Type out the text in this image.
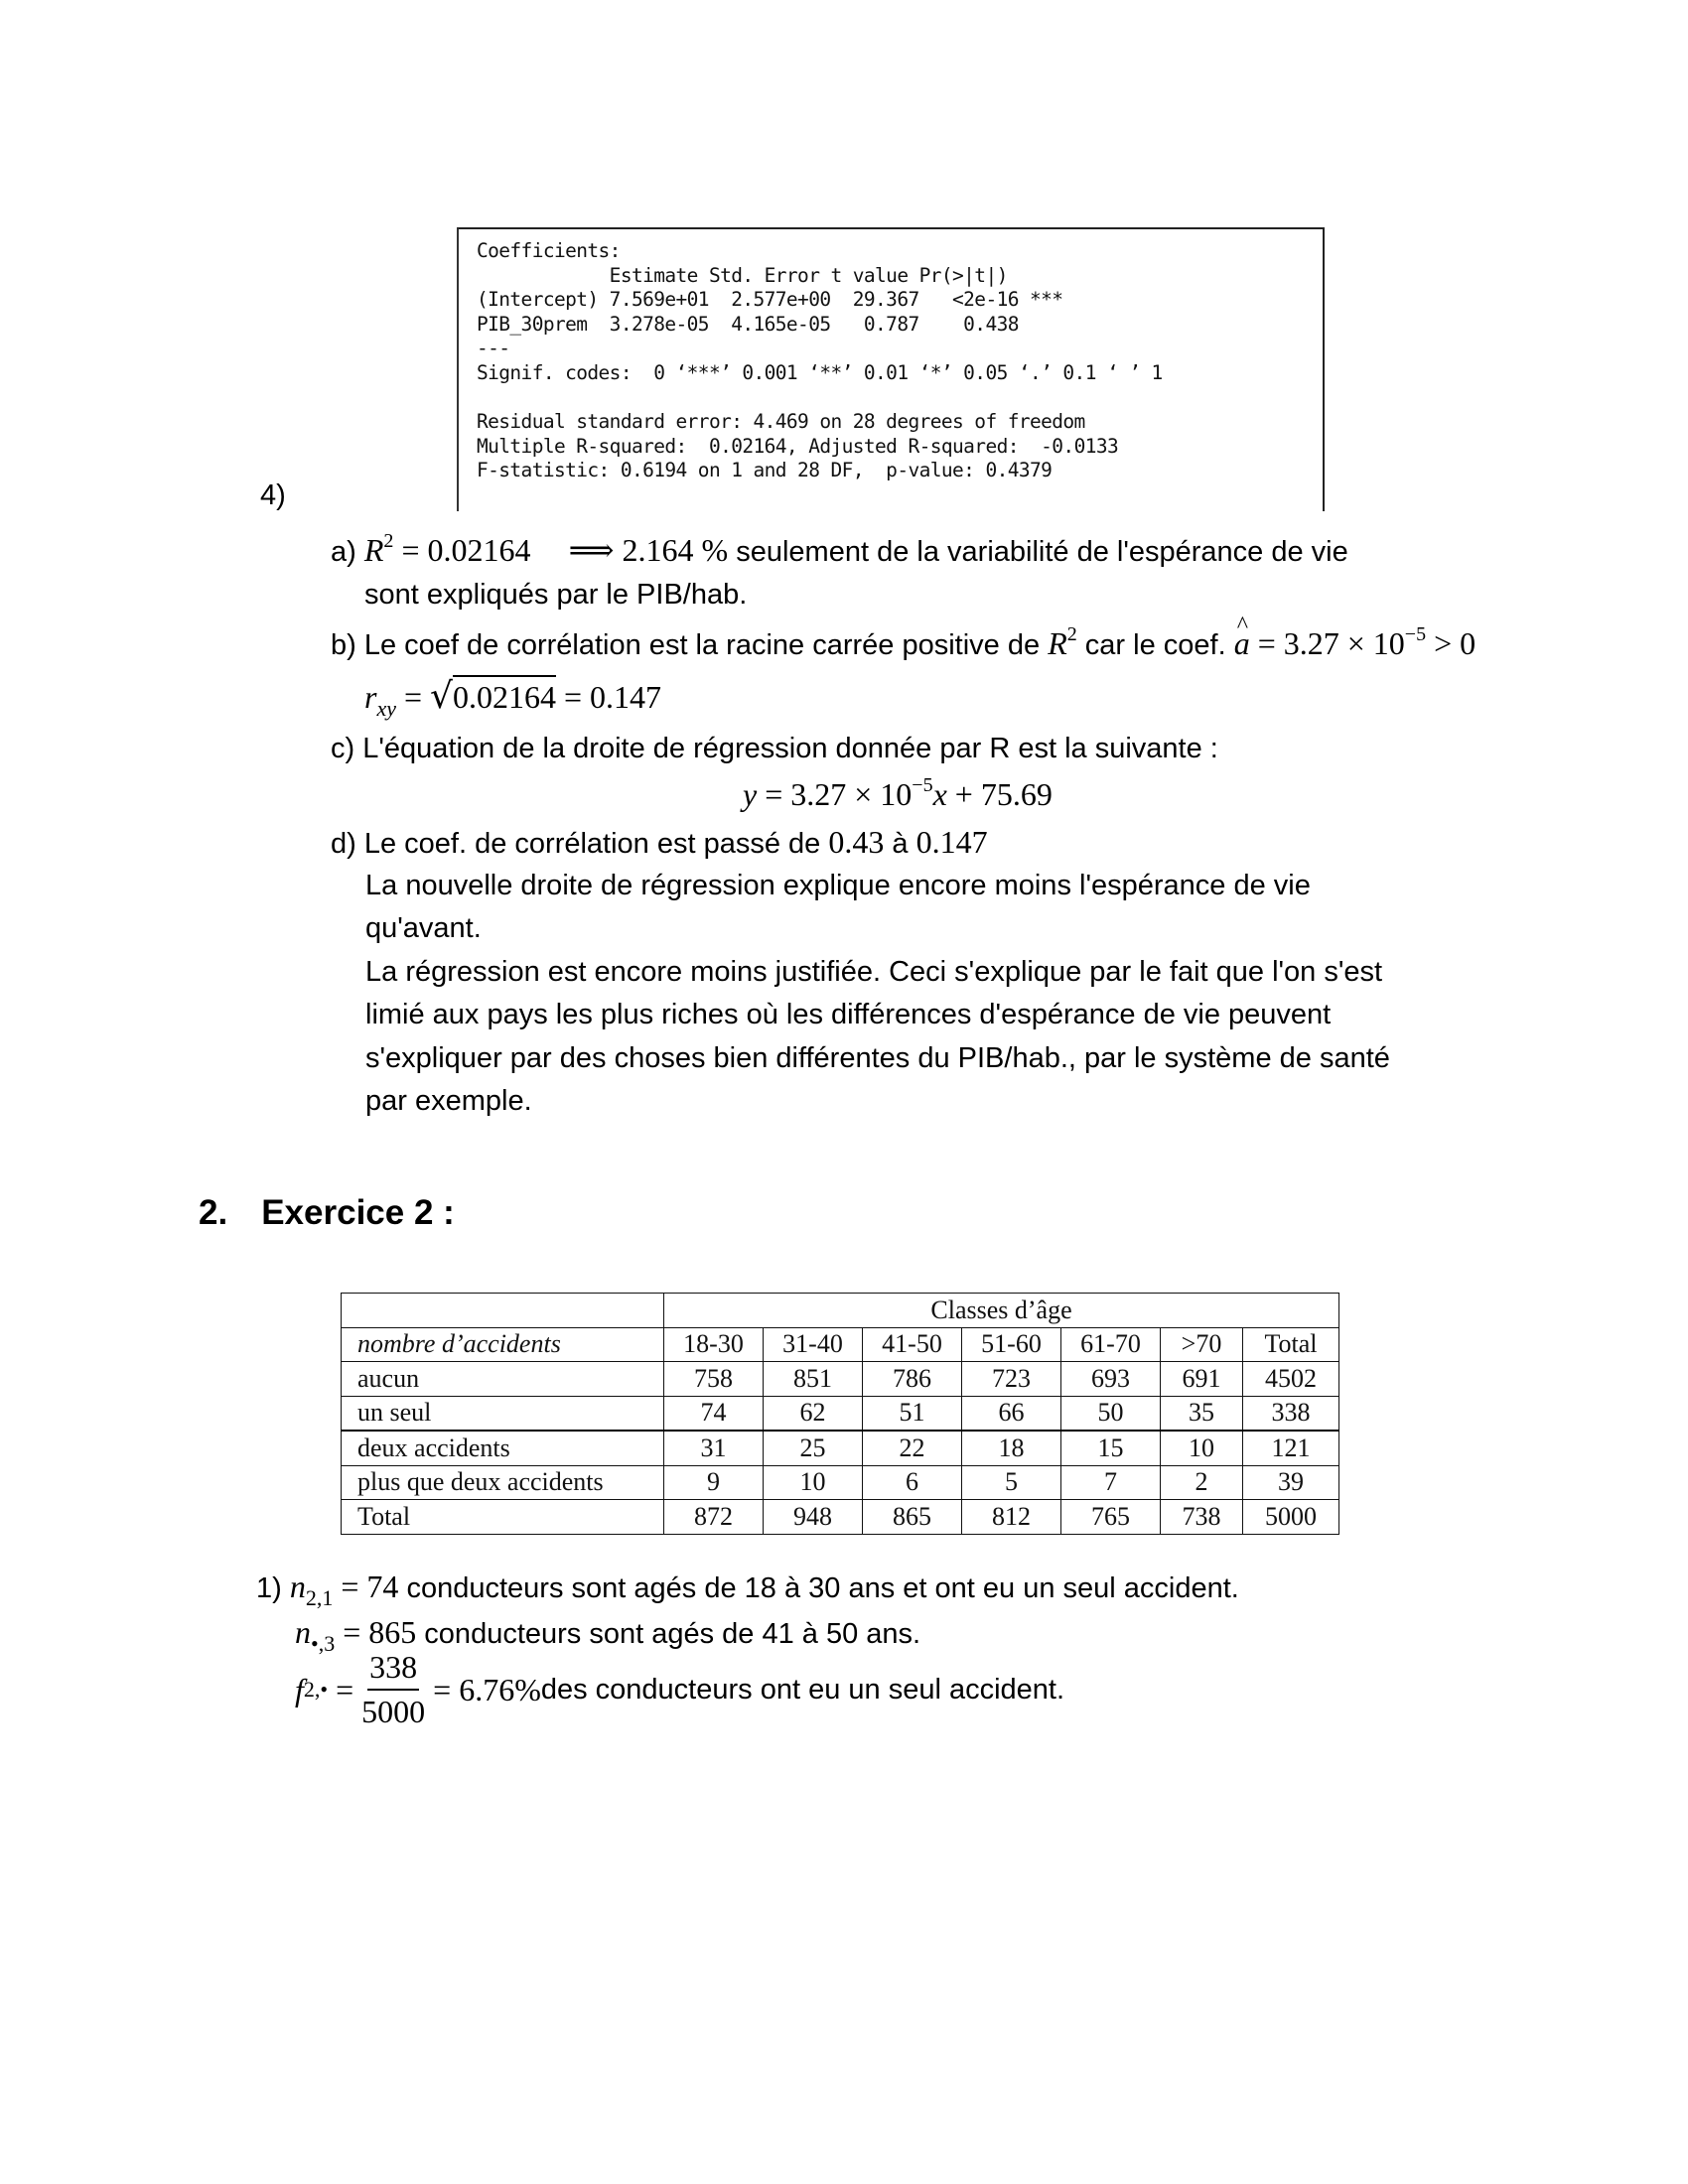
Coefficients:
Estimate Std. Error t value Pr(>|t|)
(Intercept) 7.569e+01  2.577e+00  29.367   <2e-16 ***
PIB_30prem  3.278e-05  4.165e-05   0.787    0.438
---
Signif. codes:  0 ‘***’ 0.001 ‘**’ 0.01 ‘*’ 0.05 ‘.’ 0.1 ‘ ’ 1

Residual standard error: 4.469 on 28 degrees of freedom
Multiple R-squared:  0.02164,	Adjusted R-squared:  -0.0133
F-statistic: 0.6194 on 1 and 28 DF,  p-value: 0.4379
4)
a) $R^2 = 0.02164$ ⟹ 2.164 % seulement de la variabilité de l'espérance de vie
sont expliqués par le PIB/hab.
b) Le coef de corrélation est la racine carrée positive de $R^2$ car le coef. ^ $a = 3.27 \times 10^{-5} > 0$
$r_{xy} = √0.02164 = 0.147$
c) L'équation de la droite de régression donnée par R est la suivante :
$y = 3.27 \times 10^{-5}x + 75.69$
d) Le coef. de corrélation est passé de 0.43 à 0.147
La nouvelle droite de régression explique encore moins l'espérance de vie
qu'avant.
La régression est encore moins justifiée. Ceci s'explique par le fait que l'on s'est
limié aux pays les plus riches où les différences d'espérance de vie peuvent
s'expliquer par des choses bien différentes du PIB/hab., par le système de santé
par exemple.
2. Exercice 2 :
	Classes d’âge						
nombre d’accidents	18-30	31-40	41-50	51-60	61-70	>70	Total
aucun	758	851	786	723	693	691	4502
un seul	74	62	51	66	50	35	338
deux accidents	31	25	22	18	15	10	121
plus que deux accidents	9	10	6	5	7	2	39
Total	872	948	865	812	765	738	5000
1) $n_{2,1} = 74$ conducteurs sont agés de 18 à 30 ans et ont eu un seul accident.
$n_{•,3} = 865$ conducteurs sont agés de 41 à 50 ans.
f 2,• = $\frac{338}{5000} = 6.76\%$ des conducteurs ont eu un seul accident.
